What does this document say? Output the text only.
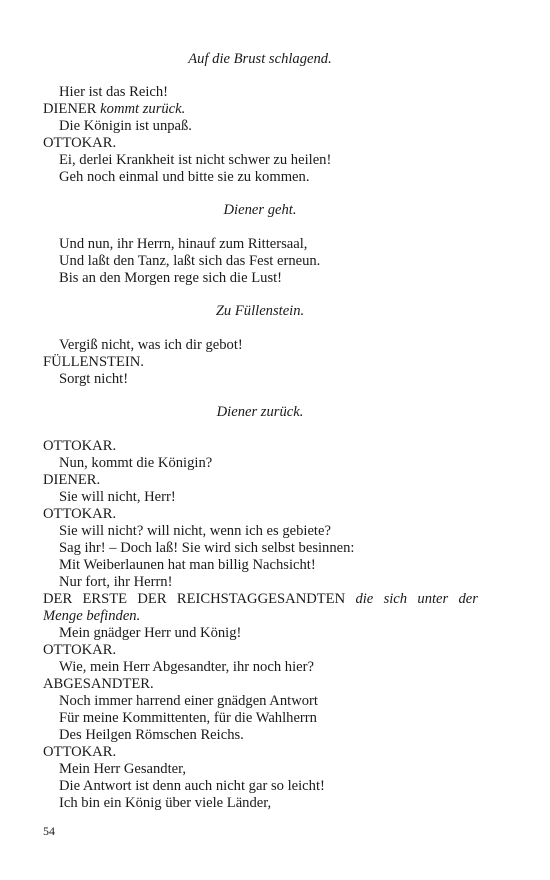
Auf die Brust schlagend.
Hier ist das Reich!
DIENER kommt zurück.
Die Königin ist unpaß.
OTTOKAR.
Ei, derlei Krankheit ist nicht schwer zu heilen!
Geh noch einmal und bitte sie zu kommen.
Diener geht.
Und nun, ihr Herrn, hinauf zum Rittersaal,
Und laßt den Tanz, laßt sich das Fest erneun.
Bis an den Morgen rege sich die Lust!
Zu Füllenstein.
Vergiß nicht, was ich dir gebot!
FÜLLENSTEIN.
Sorgt nicht!
Diener zurück.
OTTOKAR.
Nun, kommt die Königin?
DIENER.
Sie will nicht, Herr!
OTTOKAR.
Sie will nicht? will nicht, wenn ich es gebiete?
Sag ihr! – Doch laß! Sie wird sich selbst besinnen:
Mit Weiberlaunen hat man billig Nachsicht!
Nur fort, ihr Herrn!
DER ERSTE DER REICHSTAGGESANDTEN die sich unter der
Menge befinden.
Mein gnädger Herr und König!
OTTOKAR.
Wie, mein Herr Abgesandter, ihr noch hier?
ABGESANDTER.
Noch immer harrend einer gnädgen Antwort
Für meine Kommittenten, für die Wahlherrn
Des Heilgen Römschen Reichs.
OTTOKAR.
Mein Herr Gesandter,
Die Antwort ist denn auch nicht gar so leicht!
Ich bin ein König über viele Länder,
54
